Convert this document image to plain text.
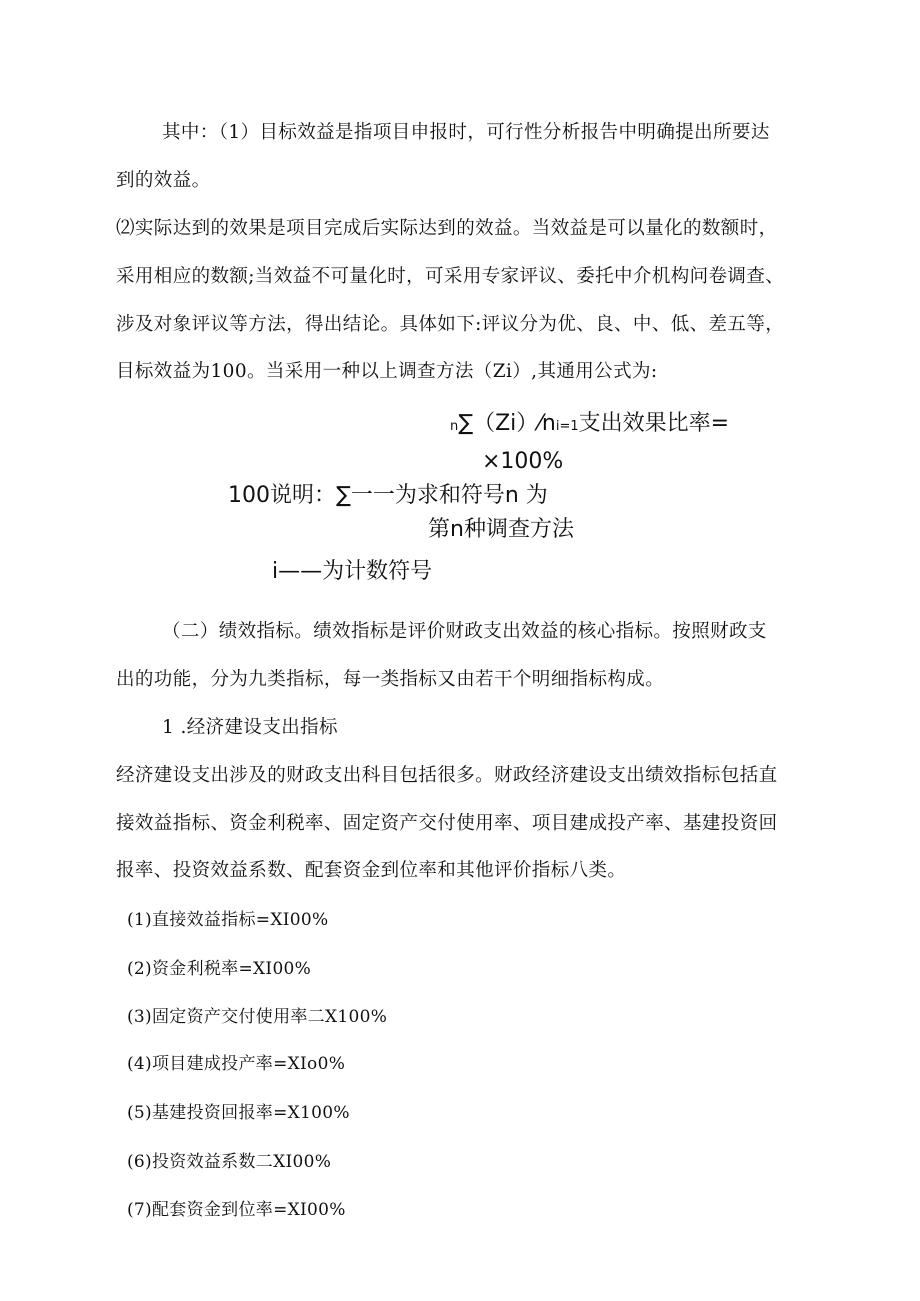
其中：（1）目标效益是指项目申报时，可行性分析报告中明确提出所要达
到的效益。
⑵实际达到的效果是项目完成后实际达到的效益。当效益是可以量化的数额时，
采用相应的数额;当效益不可量化时，可采用专家评议、委托中介机构问卷调查、
涉及对象评议等方法，得出结论。具体如下:评议分为优、良、中、低、差五等，
目标效益为100。当采用一种以上调查方法（Zi）,其通用公式为:
n∑（Zi）⁄ni=1支出效果比率=
×100%
100说明：∑一一为求和符号n 为
第n种调查方法
i——为计数符号
（二）绩效指标。绩效指标是评价财政支出效益的核心指标。按照财政支
出的功能，分为九类指标，每一类指标又由若干个明细指标构成。
1 .经济建设支出指标
经济建设支出涉及的财政支出科目包括很多。财政经济建设支出绩效指标包括直
接效益指标、资金利税率、固定资产交付使用率、项目建成投产率、基建投资回
报率、投资效益系数、配套资金到位率和其他评价指标八类。
(1)直接效益指标=XI00%
(2)资金利税率=XI00%
(3)固定资产交付使用率二X100%
(4)项目建成投产率=XIo0%
(5)基建投资回报率=X100%
(6)投资效益系数二XI00%
(7)配套资金到位率=XI00%
